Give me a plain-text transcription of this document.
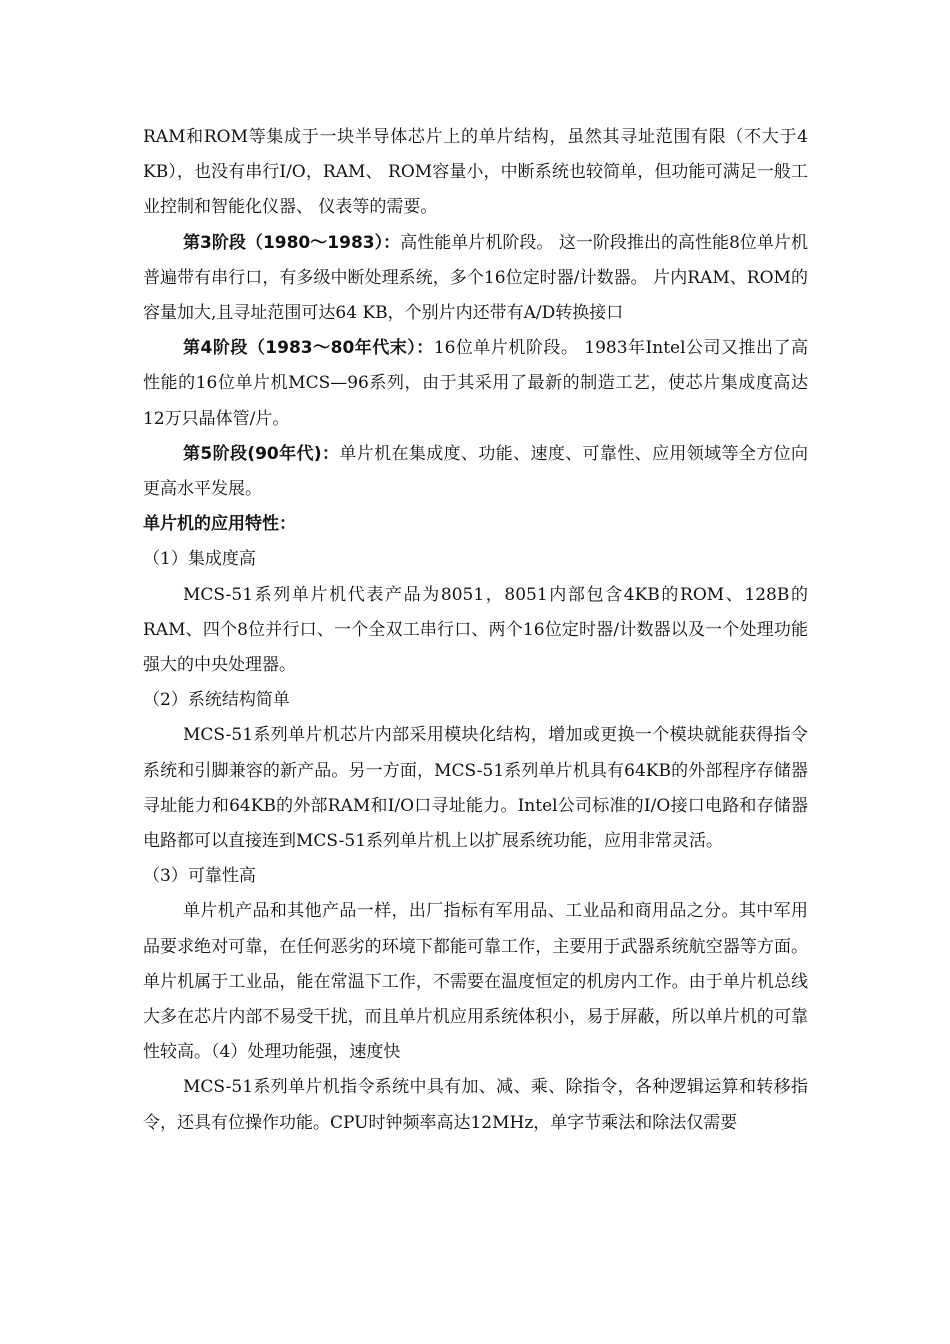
RAM和ROM等集成于一块半导体芯片上的单片结构，虽然其寻址范围有限（不大于4 KB），也没有串行I/O，RAM、 ROM容量小，中断系统也较简单，但功能可满足一般工业控制和智能化仪器、 仪表等的需要。

第3阶段（1980～1983）：高性能单片机阶段。 这一阶段推出的高性能8位单片机普遍带有串行口，有多级中断处理系统，多个16位定时器/计数器。 片内RAM、ROM的容量加大,且寻址范围可达64 KB，个别片内还带有A/D转换接口

第4阶段（1983～80年代末）：16位单片机阶段。 1983年Intel公司又推出了高性能的16位单片机MCS—96系列，由于其采用了最新的制造工艺，使芯片集成度高达12万只晶体管/片。

第5阶段(90年代)：单片机在集成度、功能、速度、可靠性、应用领域等全方位向更高水平发展。

单片机的应用特性：

（1）集成度高

MCS-51系列单片机代表产品为8051，8051内部包含4KB的ROM、128B的RAM、四个8位并行口、一个全双工串行口、两个16位定时器/计数器以及一个处理功能强大的中央处理器。

（2）系统结构简单

MCS-51系列单片机芯片内部采用模块化结构，增加或更换一个模块就能获得指令系统和引脚兼容的新产品。另一方面，MCS-51系列单片机具有64KB的外部程序存储器寻址能力和64KB的外部RAM和I/O口寻址能力。Intel公司标准的I/O接口电路和存储器电路都可以直接连到MCS-51系列单片机上以扩展系统功能，应用非常灵活。

（3）可靠性高

单片机产品和其他产品一样，出厂指标有军用品、工业品和商用品之分。其中军用品要求绝对可靠，在任何恶劣的环境下都能可靠工作，主要用于武器系统航空器等方面。单片机属于工业品，能在常温下工作，不需要在温度恒定的机房内工作。由于单片机总线大多在芯片内部不易受干扰，而且单片机应用系统体积小，易于屏蔽，所以单片机的可靠性较高。（4）处理功能强，速度快

MCS-51系列单片机指令系统中具有加、减、乘、除指令，各种逻辑运算和转移指令，还具有位操作功能。CPU时钟频率高达12MHz，单字节乘法和除法仅需要
